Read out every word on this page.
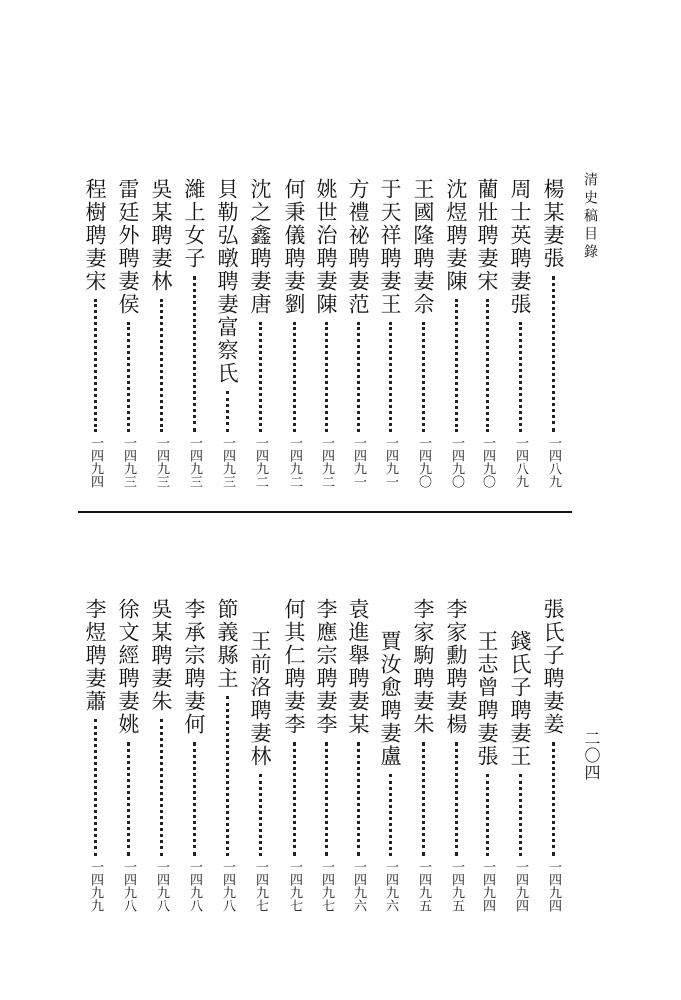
清史稿目錄
二〇四
楊某妻張
一四八九
周士英聘妻張
一四八九
藺壯聘妻宋
一四九〇
沈煜聘妻陳
一四九〇
王國隆聘妻佘
一四九〇
于天祥聘妻王
一四九一
方禮祕聘妻范
一四九一
姚世治聘妻陳
一四九二
何秉儀聘妻劉
一四九二
沈之鑫聘妻唐
一四九二
貝勒弘暾聘妻富察氏
一四九三
濰上女子
一四九三
吳某聘妻林
一四九三
雷廷外聘妻侯
一四九三
程樹聘妻宋
一四九四
張氏子聘妻姜
一四九四
錢氏子聘妻王
一四九四
王志曾聘妻張
一四九四
李家勳聘妻楊
一四九五
李家駒聘妻朱
一四九五
賈汝愈聘妻盧
一四九六
袁進舉聘妻某
一四九六
李應宗聘妻李
一四九七
何其仁聘妻李
一四九七
王前洛聘妻林
一四九七
節義縣主
一四九八
李承宗聘妻何
一四九八
吳某聘妻朱
一四九八
徐文經聘妻姚
一四九八
李煜聘妻蕭
一四九九
